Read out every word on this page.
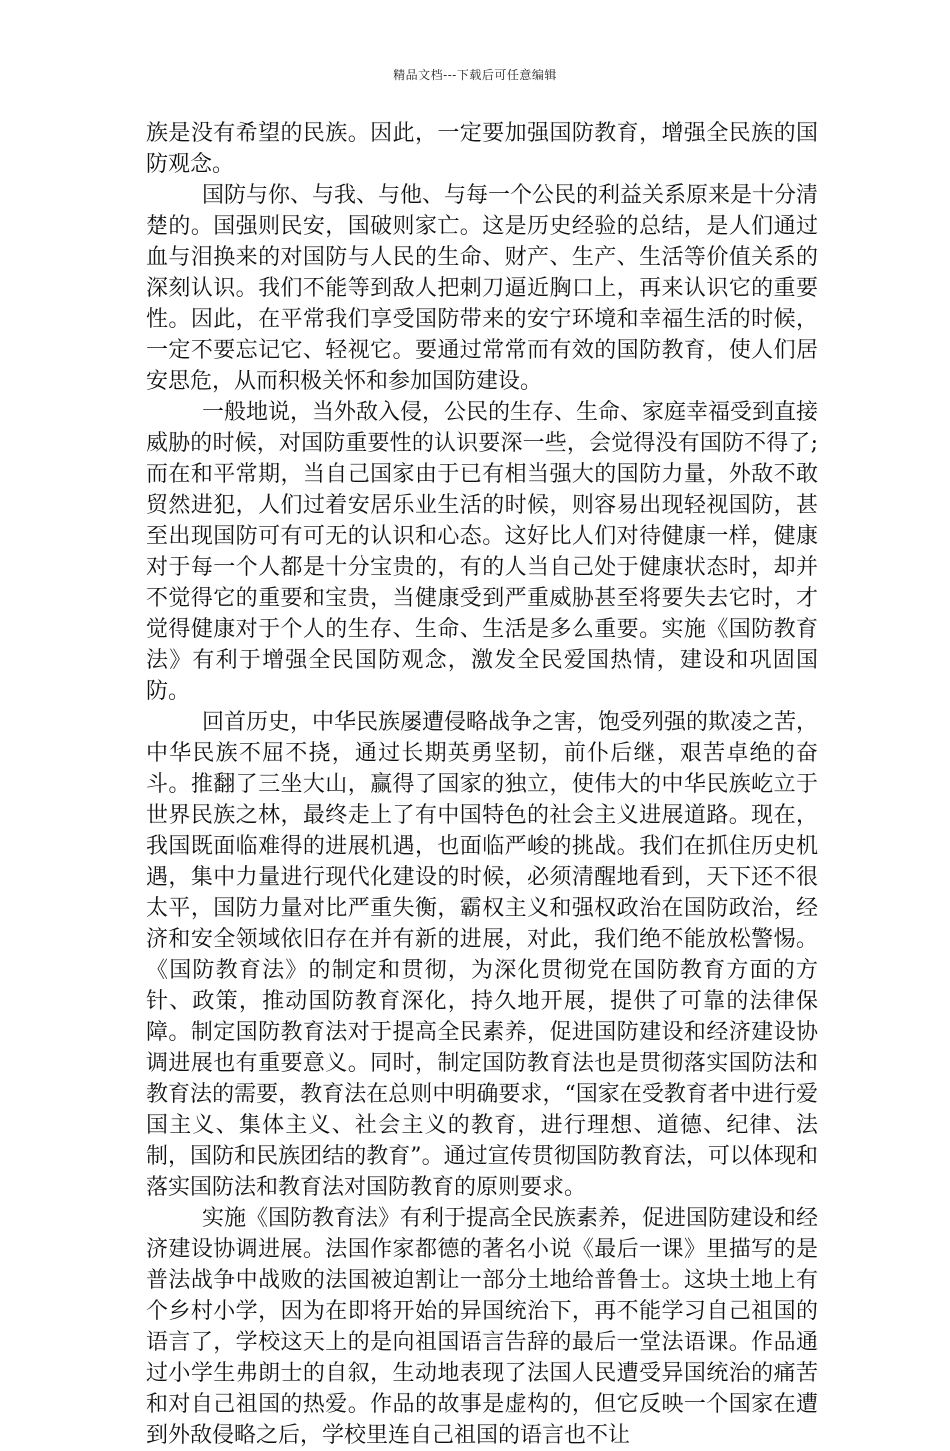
精品文档---下载后可任意编辑

族是没有希望的民族。因此，一定要加强国防教育，增强全民族的国防观念。

国防与你、与我、与他、与每一个公民的利益关系原来是十分清楚的。国强则民安，国破则家亡。这是历史经验的总结，是人们通过血与泪换来的对国防与人民的生命、财产、生产、生活等价值关系的深刻认识。我们不能等到敌人把刺刀逼近胸口上，再来认识它的重要性。因此，在平常我们享受国防带来的安宁环境和幸福生活的时候，一定不要忘记它、轻视它。要通过常常而有效的国防教育，使人们居安思危，从而积极关怀和参加国防建设。

一般地说，当外敌入侵，公民的生存、生命、家庭幸福受到直接威胁的时候，对国防重要性的认识要深一些，会觉得没有国防不得了;而在和平常期，当自己国家由于已有相当强大的国防力量，外敌不敢贸然进犯，人们过着安居乐业生活的时候，则容易出现轻视国防，甚至出现国防可有可无的认识和心态。这好比人们对待健康一样，健康对于每一个人都是十分宝贵的，有的人当自己处于健康状态时，却并不觉得它的重要和宝贵，当健康受到严重威胁甚至将要失去它时，才觉得健康对于个人的生存、生命、生活是多么重要。实施《国防教育法》有利于增强全民国防观念，激发全民爱国热情，建设和巩固国防。

回首历史，中华民族屡遭侵略战争之害，饱受列强的欺凌之苦，中华民族不屈不挠，通过长期英勇坚韧，前仆后继，艰苦卓绝的奋斗。推翻了三坐大山，赢得了国家的独立，使伟大的中华民族屹立于世界民族之林，最终走上了有中国特色的社会主义进展道路。现在，我国既面临难得的进展机遇，也面临严峻的挑战。我们在抓住历史机遇，集中力量进行现代化建设的时候，必须清醒地看到，天下还不很太平，国防力量对比严重失衡，霸权主义和强权政治在国防政治，经济和安全领域依旧存在并有新的进展，对此，我们绝不能放松警惕。《国防教育法》的制定和贯彻，为深化贯彻党在国防教育方面的方针、政策，推动国防教育深化，持久地开展，提供了可靠的法律保障。制定国防教育法对于提高全民素养，促进国防建设和经济建设协调进展也有重要意义。同时，制定国防教育法也是贯彻落实国防法和教育法的需要，教育法在总则中明确要求，“国家在受教育者中进行爱国主义、集体主义、社会主义的教育，进行理想、道德、纪律、法制，国防和民族团结的教育”。通过宣传贯彻国防教育法，可以体现和落实国防法和教育法对国防教育的原则要求。

实施《国防教育法》有利于提高全民族素养，促进国防建设和经济建设协调进展。法国作家都德的著名小说《最后一课》里描写的是普法战争中战败的法国被迫割让一部分土地给普鲁士。这块土地上有个乡村小学，因为在即将开始的异国统治下，再不能学习自己祖国的语言了，学校这天上的是向祖国语言告辞的最后一堂法语课。作品通过小学生弗朗士的自叙，生动地表现了法国人民遭受异国统治的痛苦和对自己祖国的热爱。作品的故事是虚构的，但它反映一个国家在遭到外敌侵略之后，学校里连自己祖国的语言也不让
